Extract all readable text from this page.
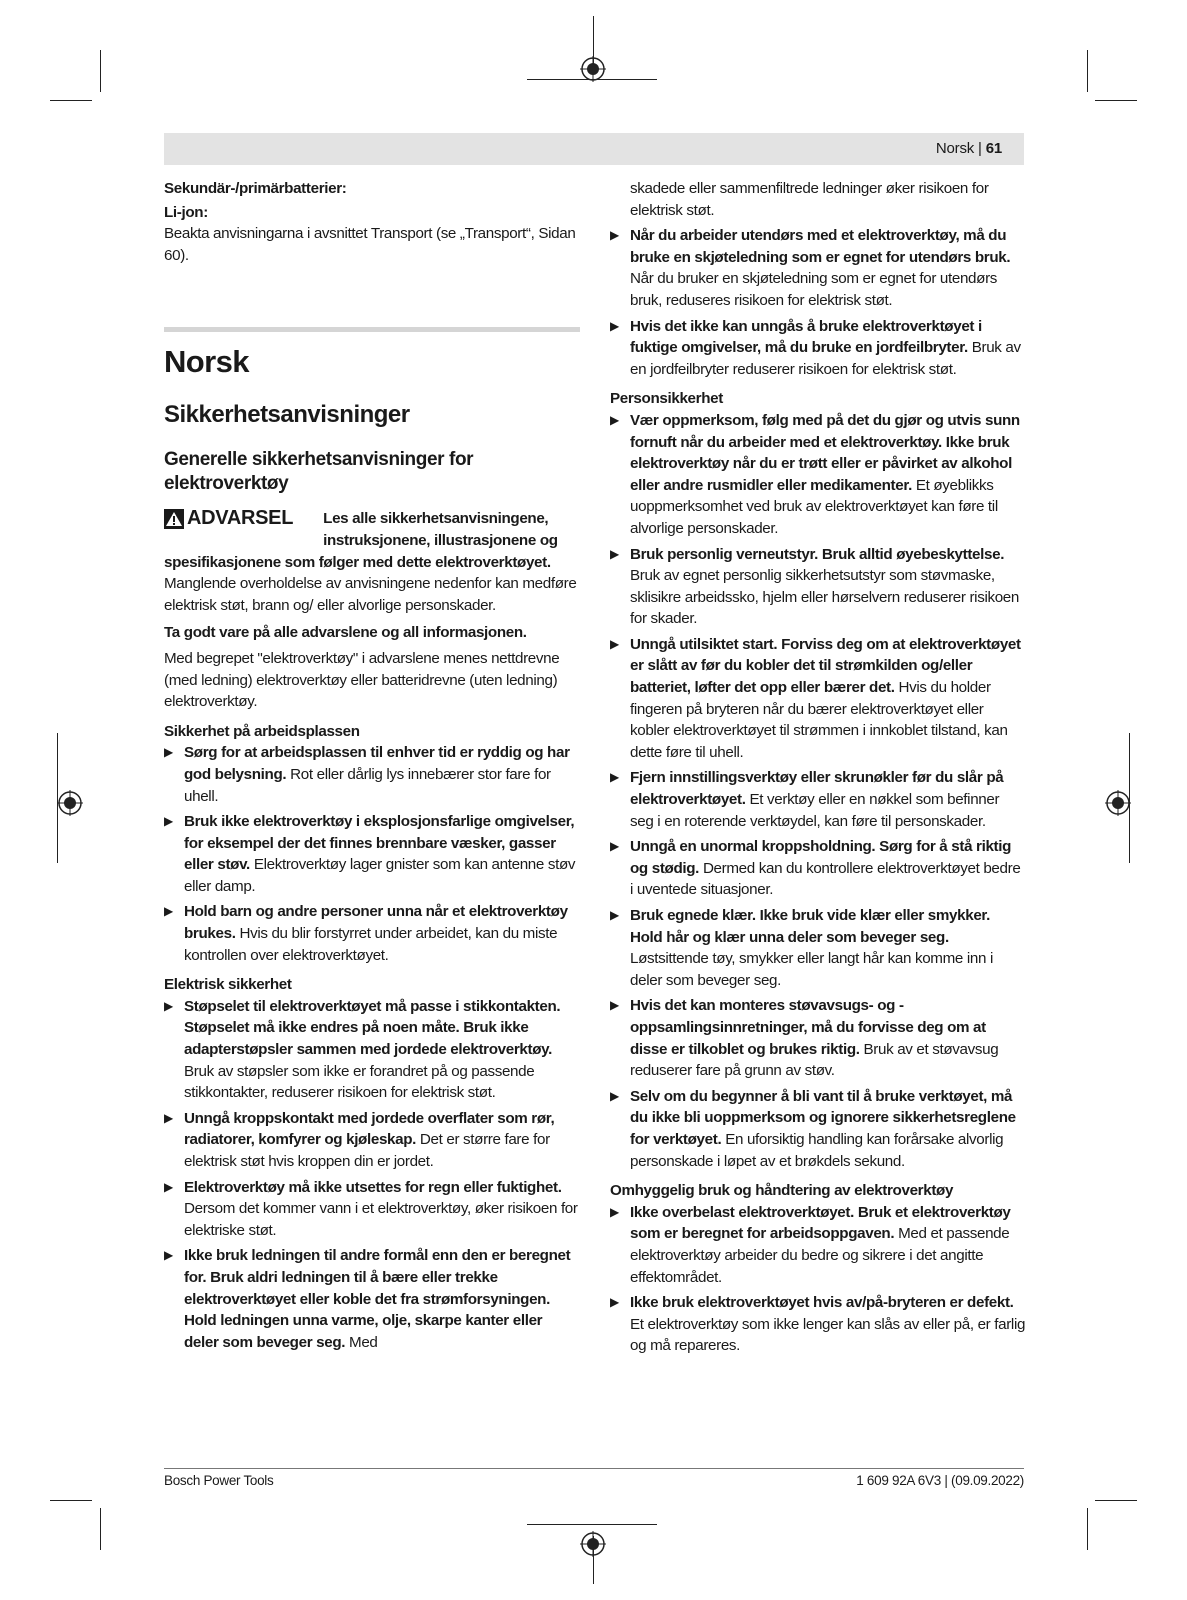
Norsk | 61

Sekundär-/primärbatterier:

Li-jon:

Beakta anvisningarna i avsnittet Transport (se „Transport“, Sidan 60).

Norsk
Sikkerhetsanvisninger
Generelle sikkerhetsanvisninger for elektroverktøy
ADVARSEL Les alle sikkerhetsanvisningene, instruksjonene, illustrasjonene og

spesifikasjonene som følger med dette elektroverktøyet. Manglende overholdelse av anvisningene nedenfor kan medføre elektrisk støt, brann og/ eller alvorlige personskader.

Ta godt vare på alle advarslene og all informasjonen.

Med begrepet "elektroverktøy" i advarslene menes nettdrevne (med ledning) elektroverktøy eller batteridrevne (uten ledning) elektroverktøy.

Sikkerhet på arbeidsplassen

▶ Sørg for at arbeidsplassen til enhver tid er ryddig og har god belysning. Rot eller dårlig lys innebærer stor fare for uhell.
▶ Bruk ikke elektroverktøy i eksplosjonsfarlige omgivelser, for eksempel der det finnes brennbare væsker, gasser eller støv. Elektroverktøy lager gnister som kan antenne støv eller damp.
▶ Hold barn og andre personer unna når et elektroverktøy brukes. Hvis du blir forstyrret under arbeidet, kan du miste kontrollen over elektroverktøyet.

Elektrisk sikkerhet

▶ Støpselet til elektroverktøyet må passe i stikkontakten. Støpselet må ikke endres på noen måte. Bruk ikke adapterstøpsler sammen med jordede elektroverktøy. Bruk av støpsler som ikke er forandret på og passende stikkontakter, reduserer risikoen for elektrisk støt.
▶ Unngå kroppskontakt med jordede overflater som rør, radiatorer, komfyrer og kjøleskap. Det er større fare for elektrisk støt hvis kroppen din er jordet.
▶ Elektroverktøy må ikke utsettes for regn eller fuktighet. Dersom det kommer vann i et elektroverktøy, øker risikoen for elektriske støt.
▶ Ikke bruk ledningen til andre formål enn den er beregnet for. Bruk aldri ledningen til å bære eller trekke elektroverktøyet eller koble det fra strømforsyningen. Hold ledningen unna varme, olje, skarpe kanter eller deler som beveger seg. Med

skadede eller sammenfiltrede ledninger øker risikoen for elektrisk støt.

▶ Når du arbeider utendørs med et elektroverktøy, må du bruke en skjøteledning som er egnet for utendørs bruk. Når du bruker en skjøteledning som er egnet for utendørs bruk, reduseres risikoen for elektrisk støt.
▶ Hvis det ikke kan unngås å bruke elektroverktøyet i fuktige omgivelser, må du bruke en jordfeilbryter. Bruk av en jordfeilbryter reduserer risikoen for elektrisk støt.

Personsikkerhet

▶ Vær oppmerksom, følg med på det du gjør og utvis sunn fornuft når du arbeider med et elektroverktøy. Ikke bruk elektroverktøy når du er trøtt eller er påvirket av alkohol eller andre rusmidler eller medikamenter. Et øyeblikks uoppmerksomhet ved bruk av elektroverktøyet kan føre til alvorlige personskader.
▶ Bruk personlig verneutstyr. Bruk alltid øyebeskyttelse. Bruk av egnet personlig sikkerhetsutstyr som støvmaske, sklisikre arbeidssko, hjelm eller hørselvern reduserer risikoen for skader.
▶ Unngå utilsiktet start. Forviss deg om at elektroverktøyet er slått av før du kobler det til strømkilden og/eller batteriet, løfter det opp eller bærer det. Hvis du holder fingeren på bryteren når du bærer elektroverktøyet eller kobler elektroverktøyet til strømmen i innkoblet tilstand, kan dette føre til uhell.
▶ Fjern innstillingsverktøy eller skrunøkler før du slår på elektroverktøyet. Et verktøy eller en nøkkel som befinner seg i en roterende verktøydel, kan føre til personskader.
▶ Unngå en unormal kroppsholdning. Sørg for å stå riktig og stødig. Dermed kan du kontrollere elektroverktøyet bedre i uventede situasjoner.
▶ Bruk egnede klær. Ikke bruk vide klær eller smykker. Hold hår og klær unna deler som beveger seg. Løstsittende tøy, smykker eller langt hår kan komme inn i deler som beveger seg.
▶ Hvis det kan monteres støvavsugs- og -oppsamlingsinnretninger, må du forvisse deg om at disse er tilkoblet og brukes riktig. Bruk av et støvavsug reduserer fare på grunn av støv.
▶ Selv om du begynner å bli vant til å bruke verktøyet, må du ikke bli uoppmerksom og ignorere sikkerhetsreglene for verktøyet. En uforsiktig handling kan forårsake alvorlig personskade i løpet av et brøkdels sekund.

Omhyggelig bruk og håndtering av elektroverktøy

▶ Ikke overbelast elektroverktøyet. Bruk et elektroverktøy som er beregnet for arbeidsoppgaven. Med et passende elektroverktøy arbeider du bedre og sikrere i det angitte effektområdet.
▶ Ikke bruk elektroverktøyet hvis av/på-bryteren er defekt. Et elektroverktøy som ikke lenger kan slås av eller på, er farlig og må repareres.
Bosch Power Tools	1 609 92A 6V3 | (09.09.2022)
